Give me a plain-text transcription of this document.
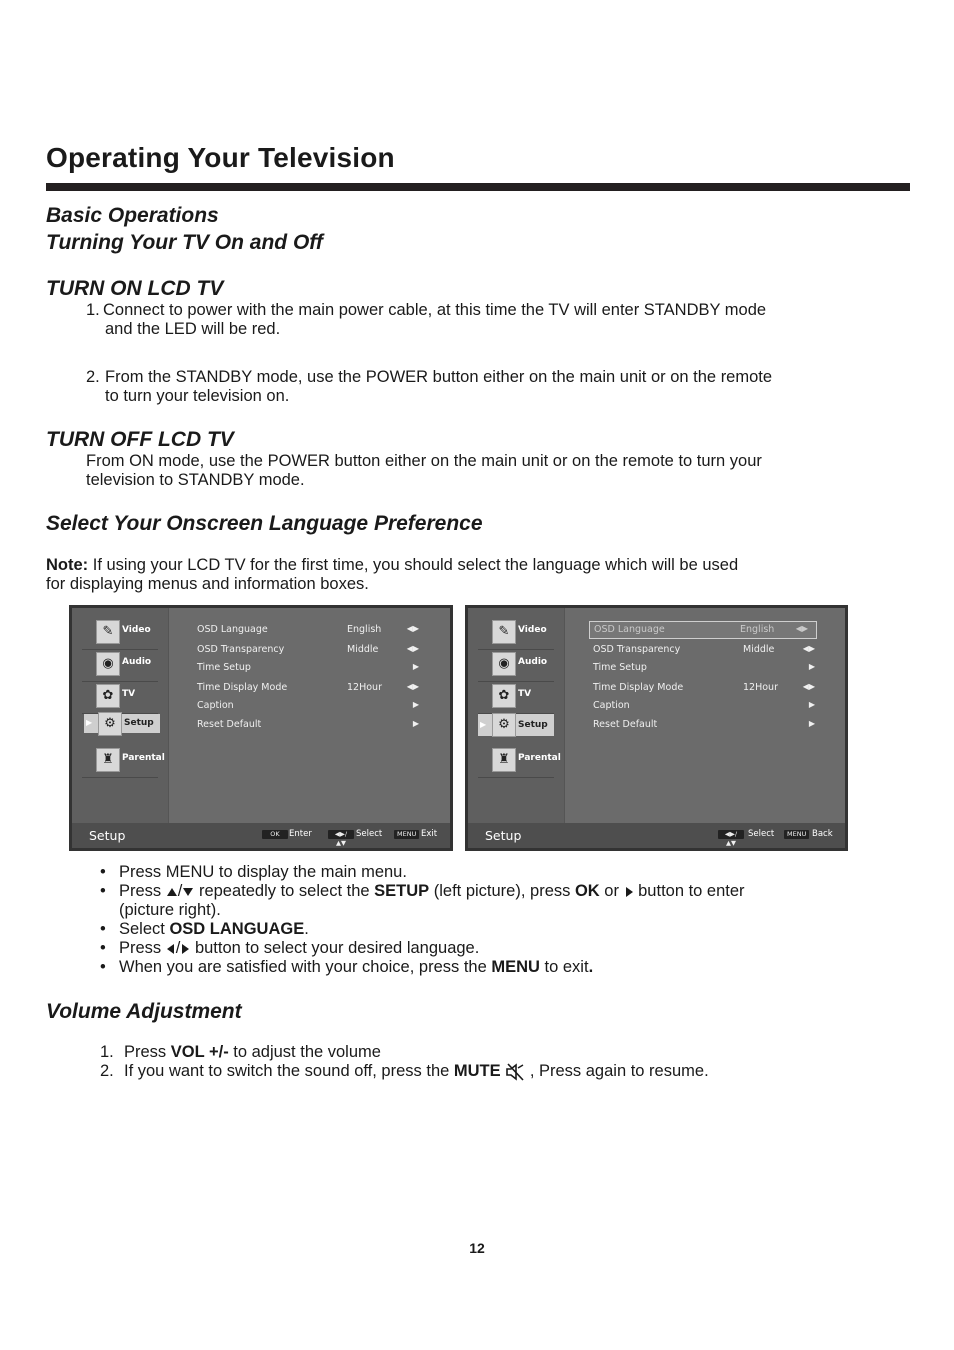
Operating Your Television
Basic Operations
Turning Your TV On and Off
TURN ON LCD TV
1. Connect to power with the main power cable, at this time the TV will enter STANDBY mode
and the LED will be red.
2. From the STANDBY mode, use the POWER button either on the main unit or on the remote
to turn your television on.
TURN OFF LCD TV
From ON mode, use the POWER button either on the main unit or on the remote to turn your
television to STANDBY mode.
Select Your Onscreen Language Preference
Note: If using your LCD TV for the first time, you should select the language which will be used
for displaying menus and information boxes.
✎ Video
◉ Audio
✿ TV
▶ ⚙ Setup
♜ Parental
OSD Language	English	◀▶
OSD Transparency	Middle	◀▶
Time Setup	▶
Time Display Mode	12Hour	◀▶
Caption	▶
Reset Default	▶
Setup	OK	Enter	◀▶/▲▼
Select	MENU Exit
✎ Video
◉ Audio
✿ TV
▶ ⚙ Setup
♜ Parental
OSD Language	English	◀▶
OSD Transparency	Middle	◀▶
Time Setup	▶
Time Display Mode	12Hour	◀▶
Caption	▶
Reset Default	▶
Setup	◀▶/▲▼
Select	MENU Back
• Press MENU to display the main menu.
• Press / repeatedly to select the SETUP (left picture), press OK or  button to enter
(picture right).
• Select OSD LANGUAGE.
• Press / button to select your desired language.
• When you are satisfied with your choice, press the MENU to exit.
Volume Adjustment
1. Press VOL +/- to adjust the volume
2. If you want to switch the sound off, press the MUTE  , Press again to resume.
12
